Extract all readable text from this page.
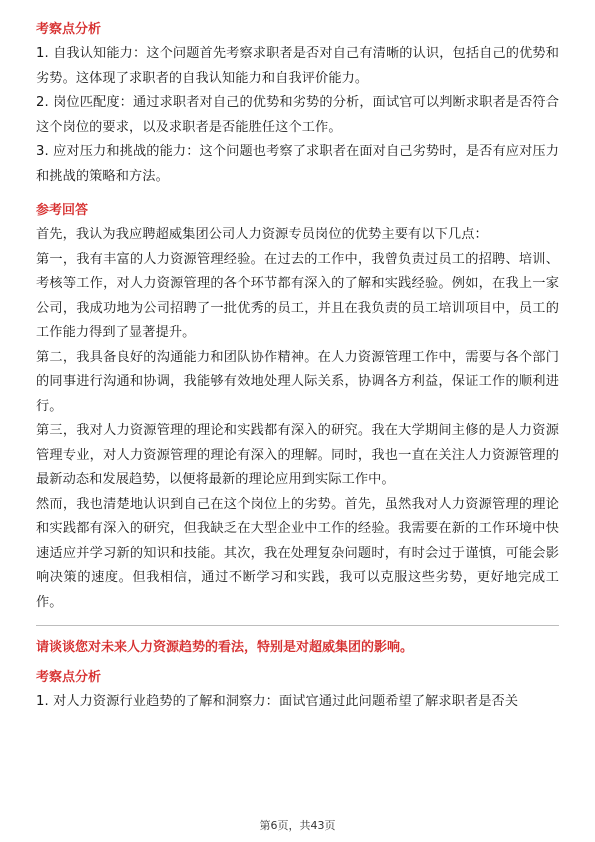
考察点分析

1. 自我认知能力：这个问题首先考察求职者是否对自己有清晰的认识，包括自己的优势和劣势。这体现了求职者的自我认知能力和自我评价能力。

2. 岗位匹配度：通过求职者对自己的优势和劣势的分析，面试官可以判断求职者是否符合这个岗位的要求，以及求职者是否能胜任这个工作。

3. 应对压力和挑战的能力：这个问题也考察了求职者在面对自己劣势时，是否有应对压力和挑战的策略和方法。

参考回答

首先，我认为我应聘超威集团公司人力资源专员岗位的优势主要有以下几点：

第一，我有丰富的人力资源管理经验。在过去的工作中，我曾负责过员工的招聘、培训、考核等工作，对人力资源管理的各个环节都有深入的了解和实践经验。例如，在我上一家公司，我成功地为公司招聘了一批优秀的员工，并且在我负责的员工培训项目中，员工的工作能力得到了显著提升。

第二，我具备良好的沟通能力和团队协作精神。在人力资源管理工作中，需要与各个部门的同事进行沟通和协调，我能够有效地处理人际关系，协调各方利益，保证工作的顺利进行。

第三，我对人力资源管理的理论和实践都有深入的研究。我在大学期间主修的是人力资源管理专业，对人力资源管理的理论有深入的理解。同时，我也一直在关注人力资源管理的最新动态和发展趋势，以便将最新的理论应用到实际工作中。

然而，我也清楚地认识到自己在这个岗位上的劣势。首先，虽然我对人力资源管理的理论和实践都有深入的研究，但我缺乏在大型企业中工作的经验。我需要在新的工作环境中快速适应并学习新的知识和技能。其次，我在处理复杂问题时，有时会过于谨慎，可能会影响决策的速度。但我相信，通过不断学习和实践，我可以克服这些劣势，更好地完成工作。

请谈谈您对未来人力资源趋势的看法，特别是对超威集团的影响。
考察点分析

1. 对人力资源行业趋势的了解和洞察力：面试官通过此问题希望了解求职者是否关

第6页，共43页
